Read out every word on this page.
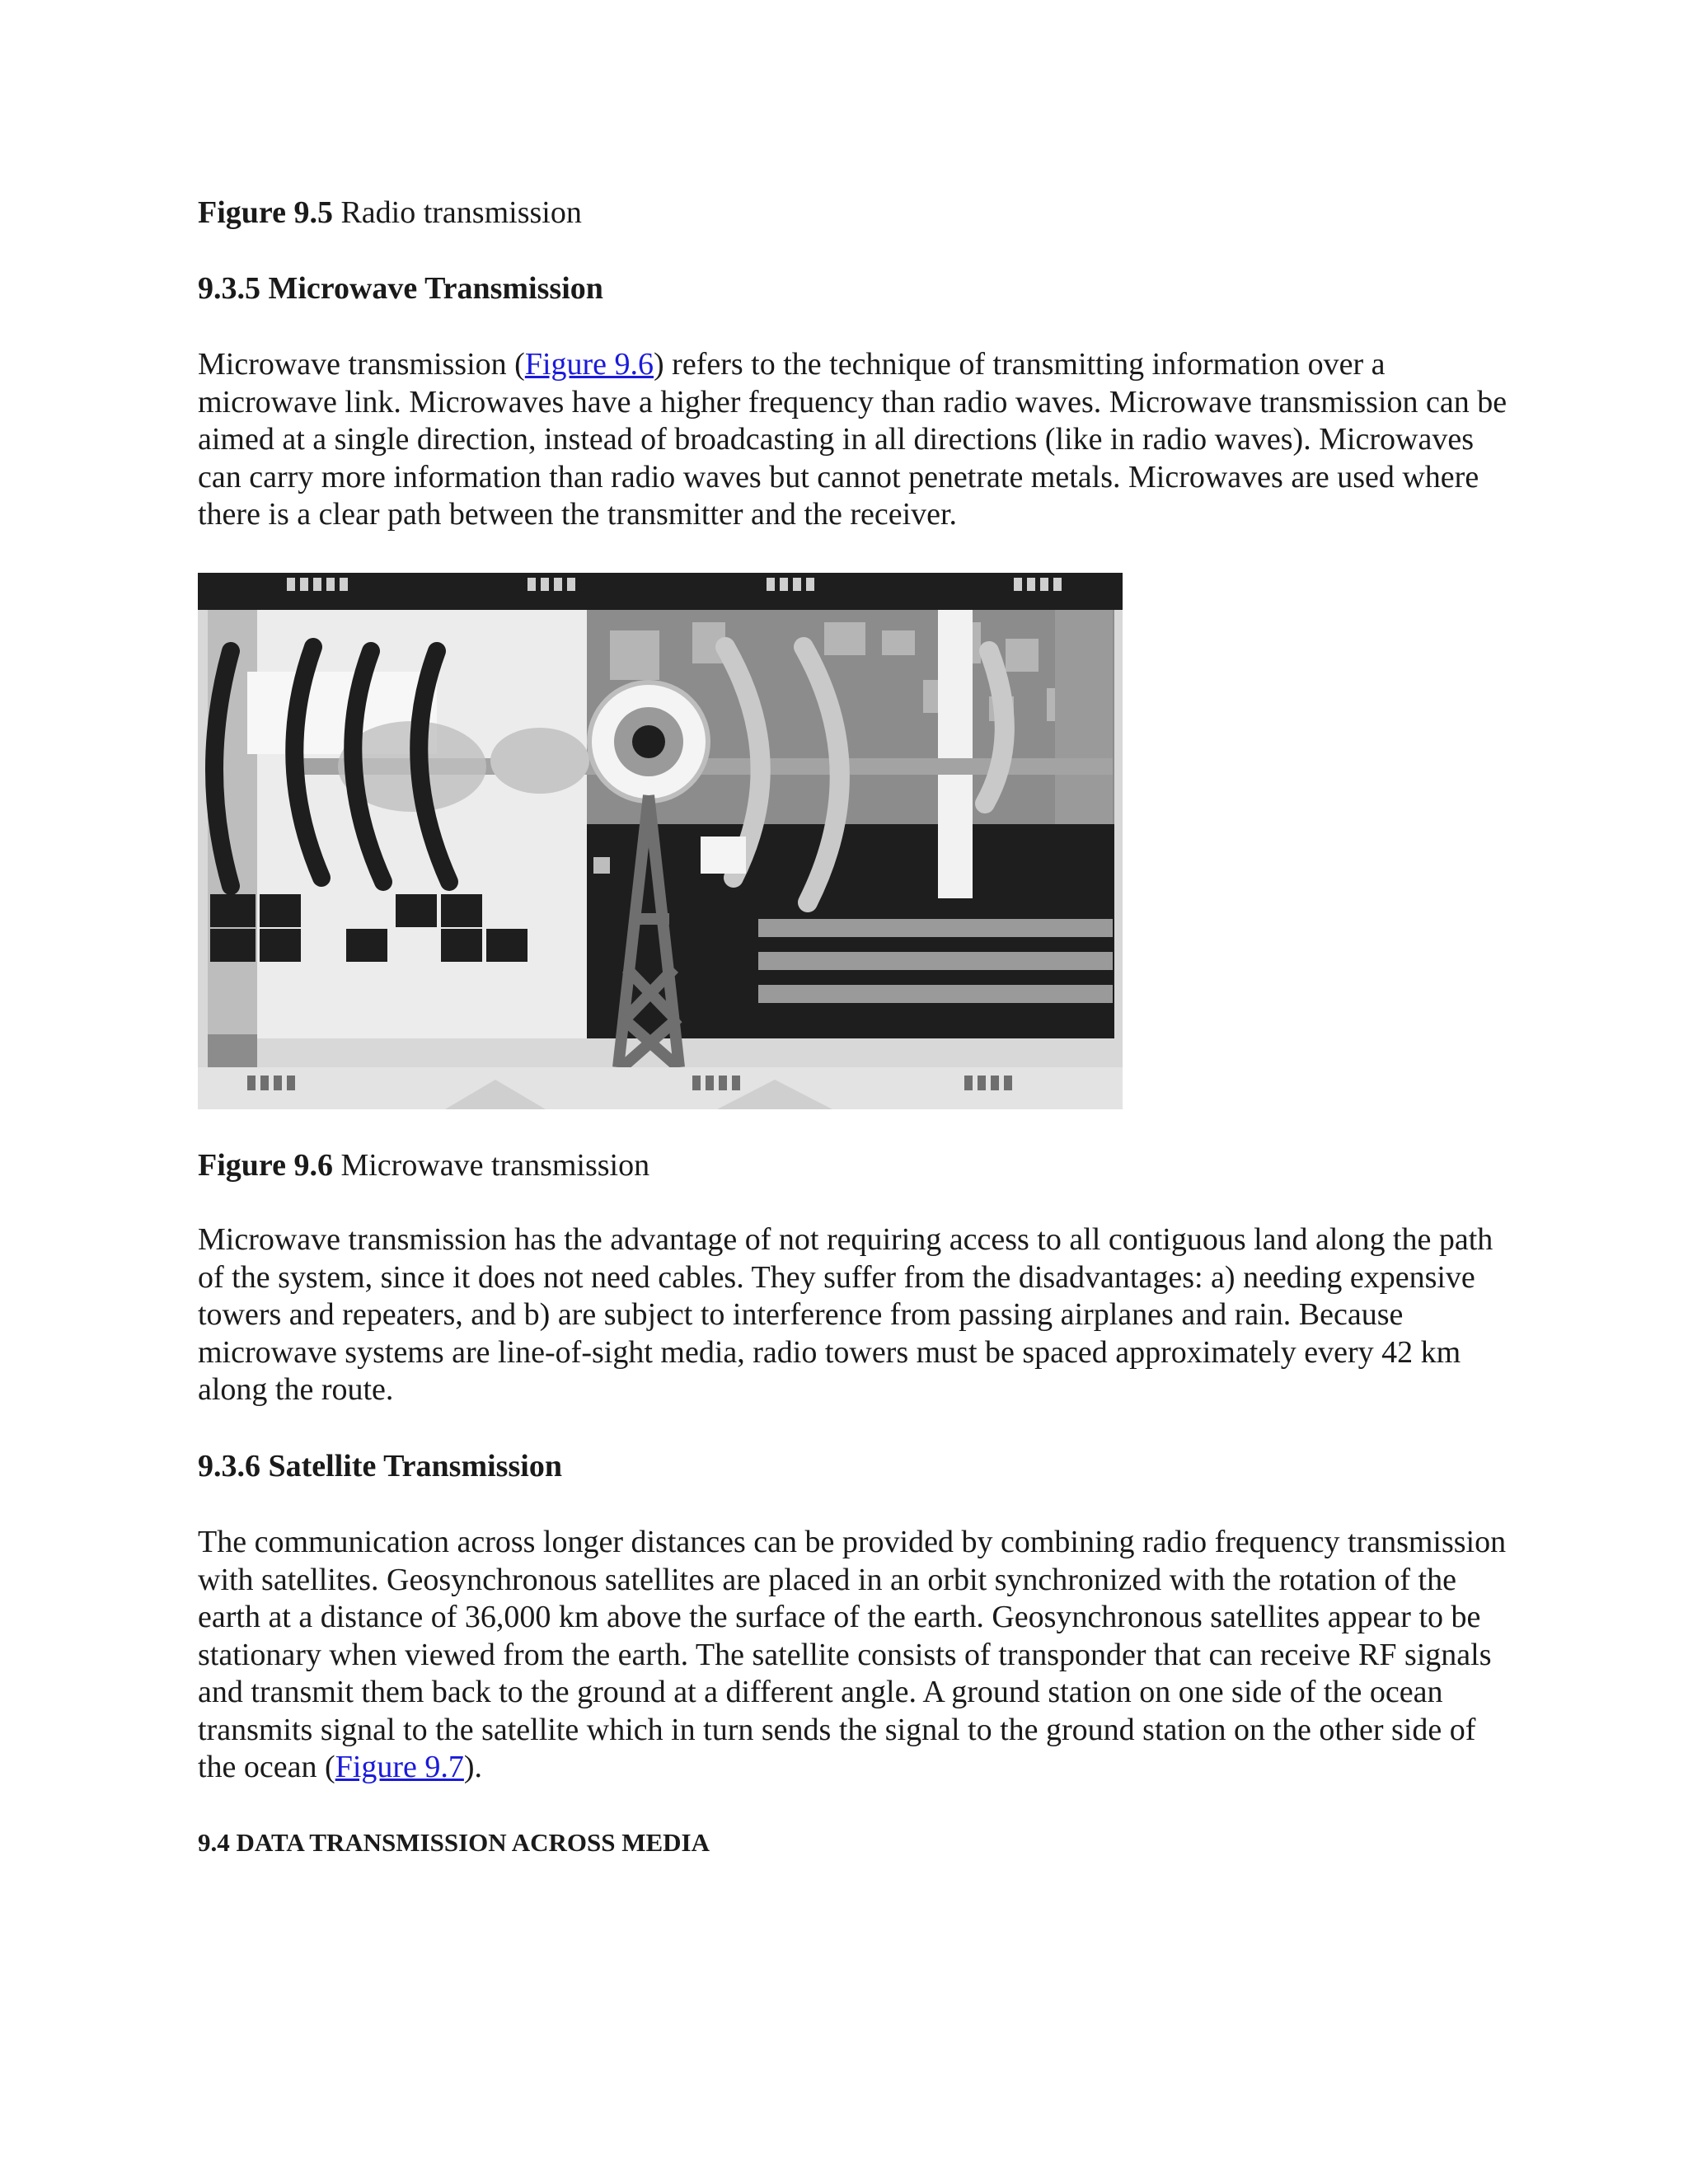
Figure 9.5 Radio transmission

9.3.5 Microwave Transmission

Microwave transmission (Figure 9.6) refers to the technique of transmitting information over a microwave link. Microwaves have a higher frequency than radio waves. Microwave transmission can be aimed at a single direction, instead of broadcasting in all directions (like in radio waves). Microwaves can carry more information than radio waves but cannot penetrate metals. Microwaves are used where there is a clear path between the transmitter and the receiver.

Figure 9.6 Microwave transmission

Microwave transmission has the advantage of not requiring access to all contiguous land along the path of the system, since it does not need cables. They suffer from the disadvantages: a) needing expensive towers and repeaters, and b) are subject to interference from passing airplanes and rain. Because microwave systems are line-of-sight media, radio towers must be spaced approximately every 42 km along the route.

9.3.6 Satellite Transmission

The communication across longer distances can be provided by combining radio frequency transmission with satellites. Geosynchronous satellites are placed in an orbit synchronized with the rotation of the earth at a distance of 36,000 km above the surface of the earth. Geosynchronous satellites appear to be stationary when viewed from the earth. The satellite consists of transponder that can receive RF signals and transmit them back to the ground at a different angle. A ground station on one side of the ocean transmits signal to the satellite which in turn sends the signal to the ground station on the other side of the ocean (Figure 9.7).

9.4 DATA TRANSMISSION ACROSS MEDIA
